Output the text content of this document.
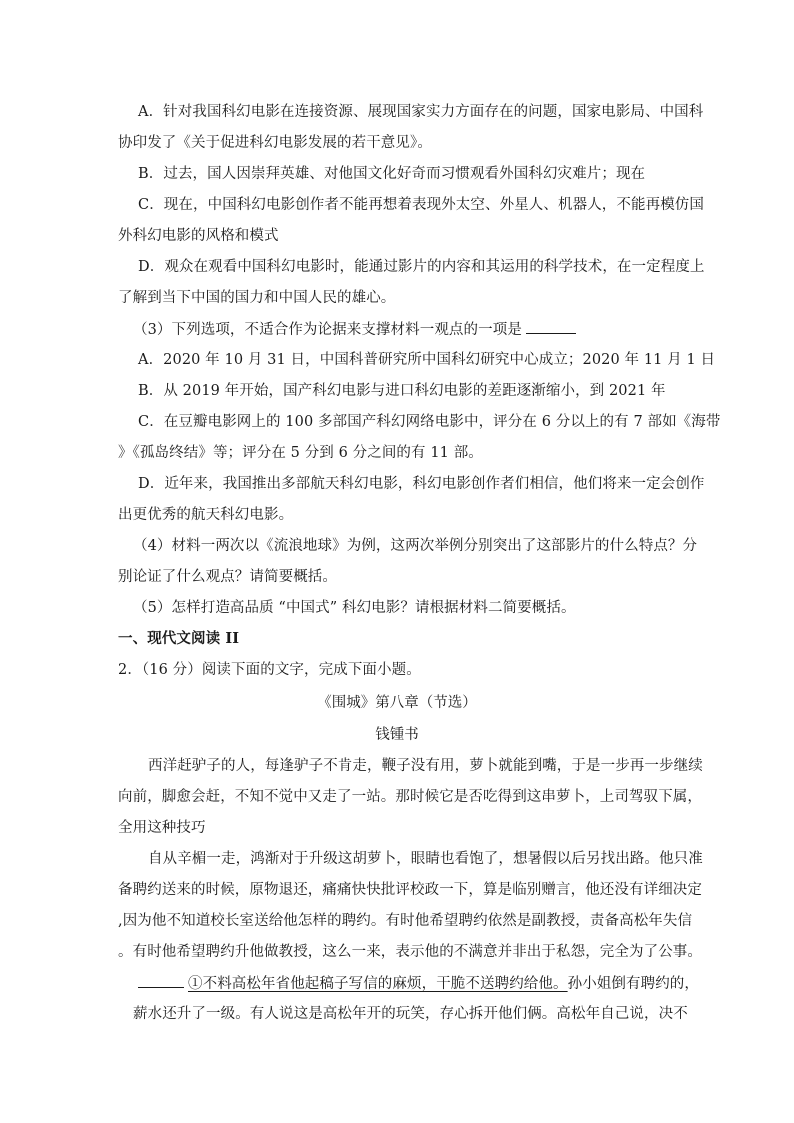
A．针对我国科幻电影在连接资源、展现国家实力方面存在的问题，国家电影局、中国科
协印发了《关于促进科幻电影发展的若干意见》。
B．过去，国人因崇拜英雄、对他国文化好奇而习惯观看外国科幻灾难片；现在
C．现在，中国科幻电影创作者不能再想着表现外太空、外星人、机器人，不能再模仿国
外科幻电影的风格和模式
D．观众在观看中国科幻电影时，能通过影片的内容和其运用的科学技术，在一定程度上
了解到当下中国的国力和中国人民的雄心。
（3）下列选项，不适合作为论据来支撑材料一观点的一项是
A．2020 年 10 月 31 日，中国科普研究所中国科幻研究中心成立；2020 年 11 月 1 日
B．从 2019 年开始，国产科幻电影与进口科幻电影的差距逐渐缩小，到 2021 年
C．在豆瓣电影网上的 100 多部国产科幻网络电影中，评分在 6 分以上的有 7 部如《海带
》《孤岛终结》等；评分在 5 分到 6 分之间的有 11 部。
D．近年来，我国推出多部航天科幻电影，科幻电影创作者们相信，他们将来一定会创作
出更优秀的航天科幻电影。
（4）材料一两次以《流浪地球》为例，这两次举例分别突出了这部影片的什么特点？分
别论证了什么观点？请简要概括。
（5）怎样打造高品质 “中国式” 科幻电影？请根据材料二简要概括。
一、现代文阅读 II
2．（16 分）阅读下面的文字，完成下面小题。
《围城》第八章（节选）
钱锺书
西洋赶驴子的人，每逢驴子不肯走，鞭子没有用，萝卜就能到嘴，于是一步再一步继续
向前，脚愈会赶，不知不觉中又走了一站。那时候它是否吃得到这串萝卜，上司驾驭下属，
全用这种技巧
自从辛楣一走，鸿渐对于升级这胡萝卜，眼睛也看饱了，想暑假以后另找出路。他只准
备聘约送来的时候，原物退还，痛痛快快批评校政一下，算是临别赠言，他还没有详细决定
,因为他不知道校长室送给他怎样的聘约。有时他希望聘约依然是副教授，责备高松年失信
。有时他希望聘约升他做教授，这么一来，表示他的不满意并非出于私怨，完全为了公事。
①不料高松年省他起稿子写信的麻烦，干脆不送聘约给他。孙小姐倒有聘约的，
薪水还升了一级。有人说这是高松年开的玩笑，存心拆开他们俩。高松年自己说，决不
